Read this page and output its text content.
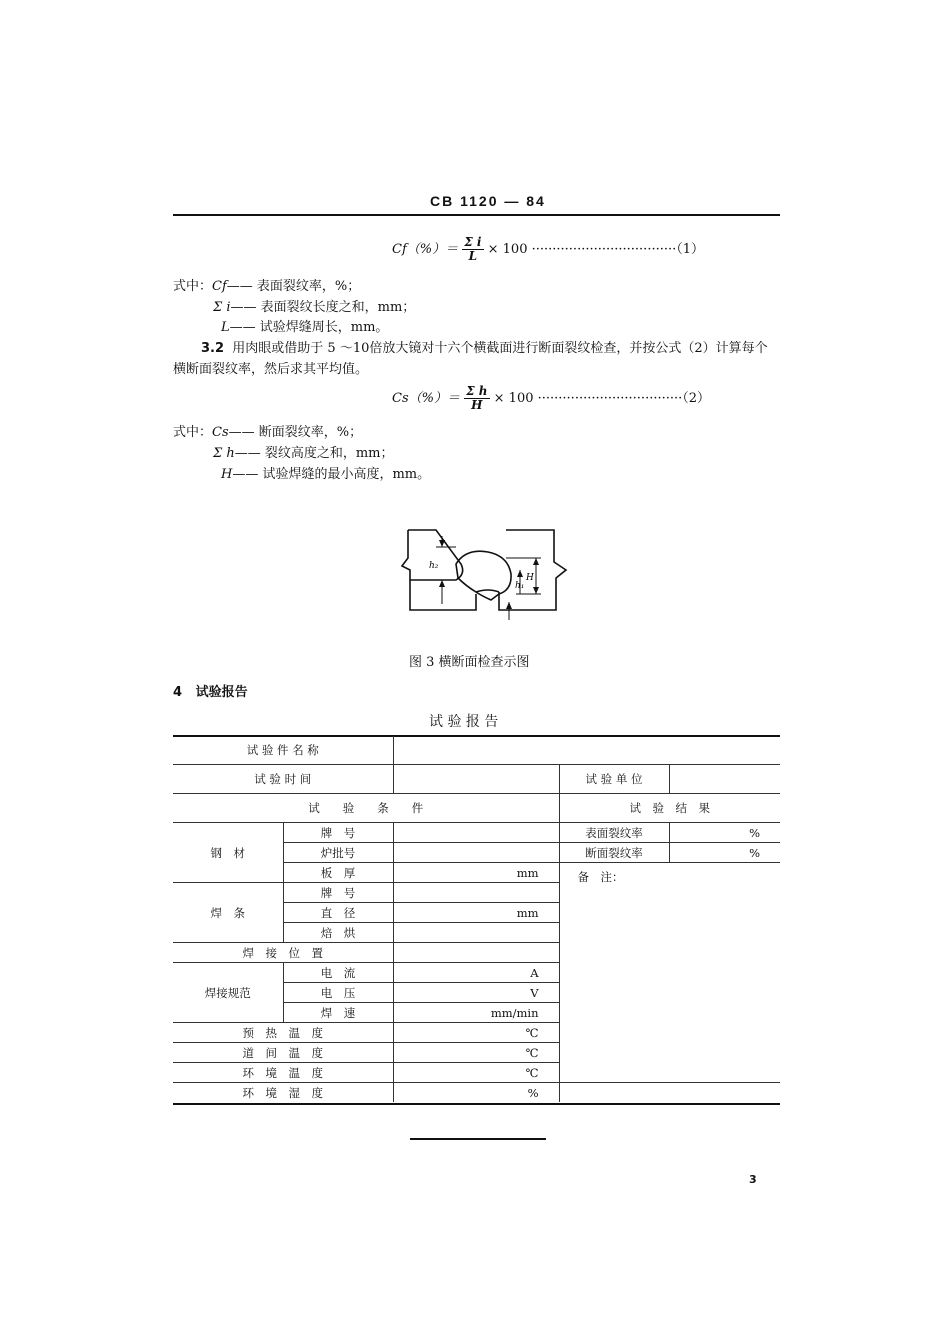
CB 1120 — 84
$Cf(\%)= \frac{\text{Σ i}}{L} \times 100 \cdot\cdot\cdot\cdot\cdot\cdot\cdot\cdot\cdot\cdot\cdot\cdot\cdot\cdot\cdot\cdot\cdot\cdot\cdot\cdot\cdot\cdot\cdot\cdot\cdot\cdot\cdot\cdot\cdot\cdot\cdot\cdot\cdot\cdot\cdot(1)$
式中：Cf—— 表面裂纹率，%；
Σ i—— 表面裂纹长度之和，mm；
L—— 试验焊缝周长，mm。
3.2 用肉眼或借助于 5 ～10倍放大镜对十六个横截面进行断面裂纹检查，并按公式（2）计算每个
横断面裂纹率，然后求其平均值。
$Cs(\%)= \frac{\text{Σ h}}{H} \times 100 \cdot\cdot\cdot\cdot\cdot\cdot\cdot\cdot\cdot\cdot\cdot\cdot\cdot\cdot\cdot\cdot\cdot\cdot\cdot\cdot\cdot\cdot\cdot\cdot\cdot\cdot\cdot\cdot\cdot\cdot\cdot\cdot\cdot\cdot\cdot(2)$
式中：Cs—— 断面裂纹率，%；
Σ h—— 裂纹高度之和，mm；
H—— 试验焊缝的最小高度，mm。
h₂
h₁
H
图 3 横断面检查示图
4 试验报告
试 验 报 告
试 验 件 名 称				
试 验 时 间			试 验 单 位	
试　　验　　条　　件			试　验　结　果	
钢　材	牌　号		表面裂纹率	%
	炉批号		断面裂纹率	%
	板　厚	mm	备　注：	
焊　条	牌　号			
	直　径	mm		
	焙　烘			
焊　接　位　置				
焊接规范	电　流	A		
	电　压	V		
	焊　速	mm/min		
预　热　温　度		℃		
道　间　温　度		℃		
环　境　温　度		℃		
环　境　湿　度		%		
3
